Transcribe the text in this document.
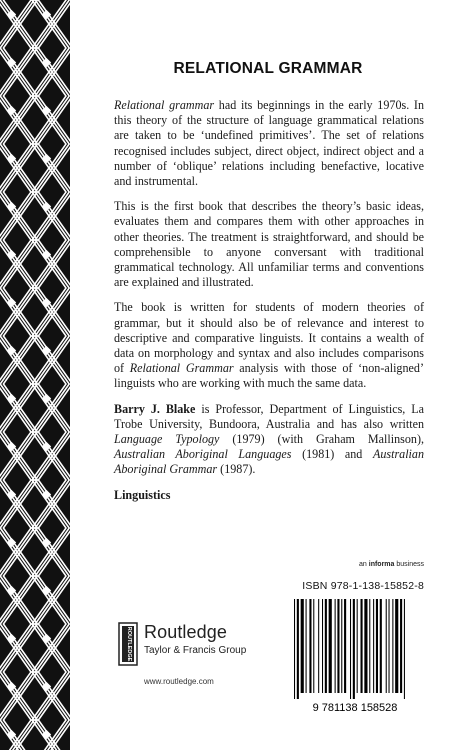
RELATIONAL GRAMMAR

Relational grammar had its beginnings in the early 1970s. In this theory of the structure of language grammatical relations are taken to be ‘undefined primitives’. The set of relations recognised includes subject, direct object, indirect object and a number of ‘oblique’ relations including benefactive, locative and instrumental.

This is the first book that describes the theory’s basic ideas, evaluates them and compares them with other approaches in other theories. The treatment is straightforward, and should be comprehensible to anyone conversant with traditional grammatical technology. All unfamiliar terms and conventions are explained and illustrated.

The book is written for students of modern theories of grammar, but it should also be of relevance and interest to descriptive and comparative linguists. It contains a wealth of data on morphology and syntax and also includes comparisons of Relational Grammar analysis with those of ‘non-aligned’ linguists who are working with much the same data.

Barry J. Blake is Professor, Department of Linguistics, La Trobe University, Bundoora, Australia and has also written Language Typology (1979) (with Graham Mallinson), Australian Aboriginal Languages (1981) and Australian Aboriginal Grammar (1987).

Linguistics

an informa business
ISBN 978-1-138-15852-8
9 781138 158528
ROUTLEDGE Routledge
Taylor & Francis Group
www.routledge.com
